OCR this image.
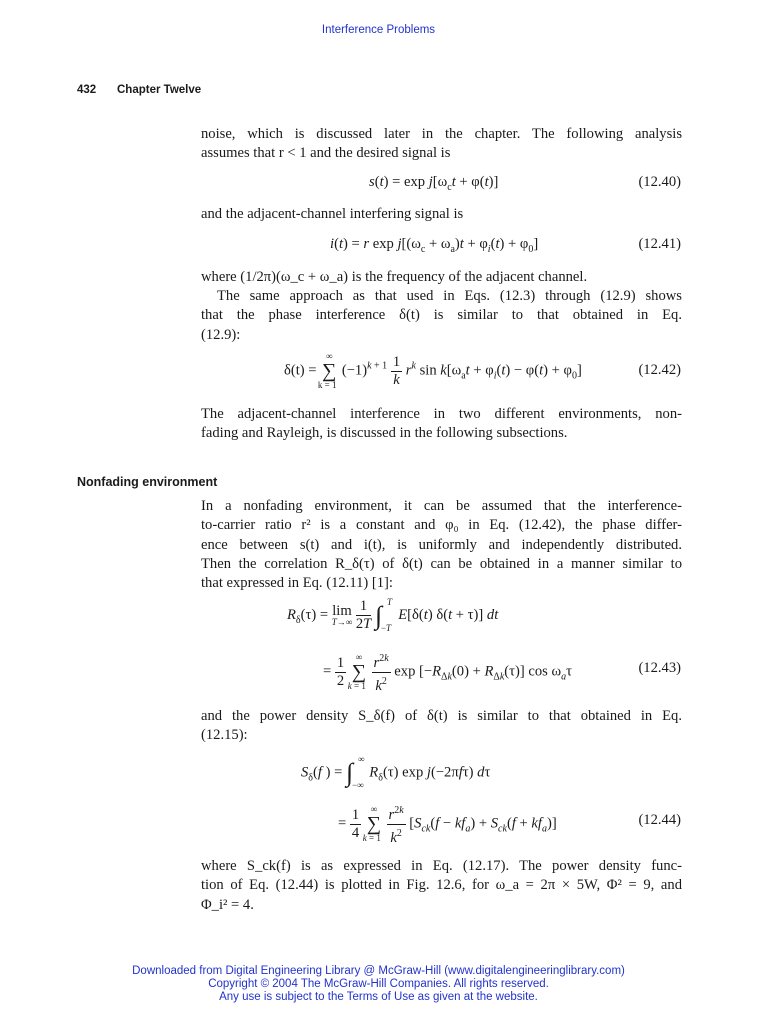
Interference Problems
432 Chapter Twelve
noise, which is discussed later in the chapter. The following analysis
assumes that r < 1 and the desired signal is
$s(t) = \exp j[\omega_ct + \varphi(t)]$	(12.40)
and the adjacent-channel interfering signal is
i(t) = r $\exp j[(\omega_c + \omega_a)t + \varphi_i(t) + \varphi_0]$	(12.41)
where (1/2π)(ω_c + ω_a) is the frequency of the adjacent channel.
The same approach as that used in Eqs. (12.3) through (12.9) shows
that the phase interference δ(t) is similar to that obtained in Eq.
(12.9):
δ(t) =
∞
∑
k = 1
$(-1)^{k + 1} \frac{1}{k} r^k$ $\sin k[\omega_at + \varphi_i(t) - \varphi(t) + \varphi_0]$	(12.42)
The adjacent-channel interference in two different environments, non-
fading and Rayleigh, is discussed in the following subsections.
Nonfading environment
In a nonfading environment, it can be assumed that the interference-
to-carrier ratio r² is a constant and φ₀ in Eq. (12.42), the phase differ-
ence between s(t) and i(t), is uniformly and independently distributed.
Then the correlation R_δ(τ) of δ(t) can be obtained in a manner similar to
that expressed in Eq. (12.11) [1]:
$R_\delta(\tau) = \lim$
T→∞
$\frac{1}{2T}$ ∫ T
−T
E[δ(t) δ(t + τ)] dt
= $\frac{1}{2}$
	∞
∑
k = 1
$\frac{r^{2k}}{k^2}$ $\exp [-R_{\Delta k}(0) + R_{\Delta k}(\tau)]$ $\cos \omega_a\tau$	(12.43)
and the power density S_δ(f) of δ(t) is similar to that obtained in Eq.
(12.15):
$S_\delta(f$ ) = ∫ ∞
−∞
$R_\delta(\tau)$ exp j(−2πfτ) dτ
= $\frac{1}{4}$
	∞
∑
k = 1
$\frac{r^{2k}}{k^2} [S_{ck}(f - kf_a) + S_{ck}(f + kf_a)]$	(12.44)
where S_ck(f) is as expressed in Eq. (12.17). The power density func-
tion of Eq. (12.44) is plotted in Fig. 12.6, for ω_a = 2π × 5W, Φ² = 9, and
Φ_i² = 4.
Downloaded from Digital Engineering Library @ McGraw-Hill (www.digitalengineeringlibrary.com)
Copyright © 2004 The McGraw-Hill Companies. All rights reserved.
Any use is subject to the Terms of Use as given at the website.
